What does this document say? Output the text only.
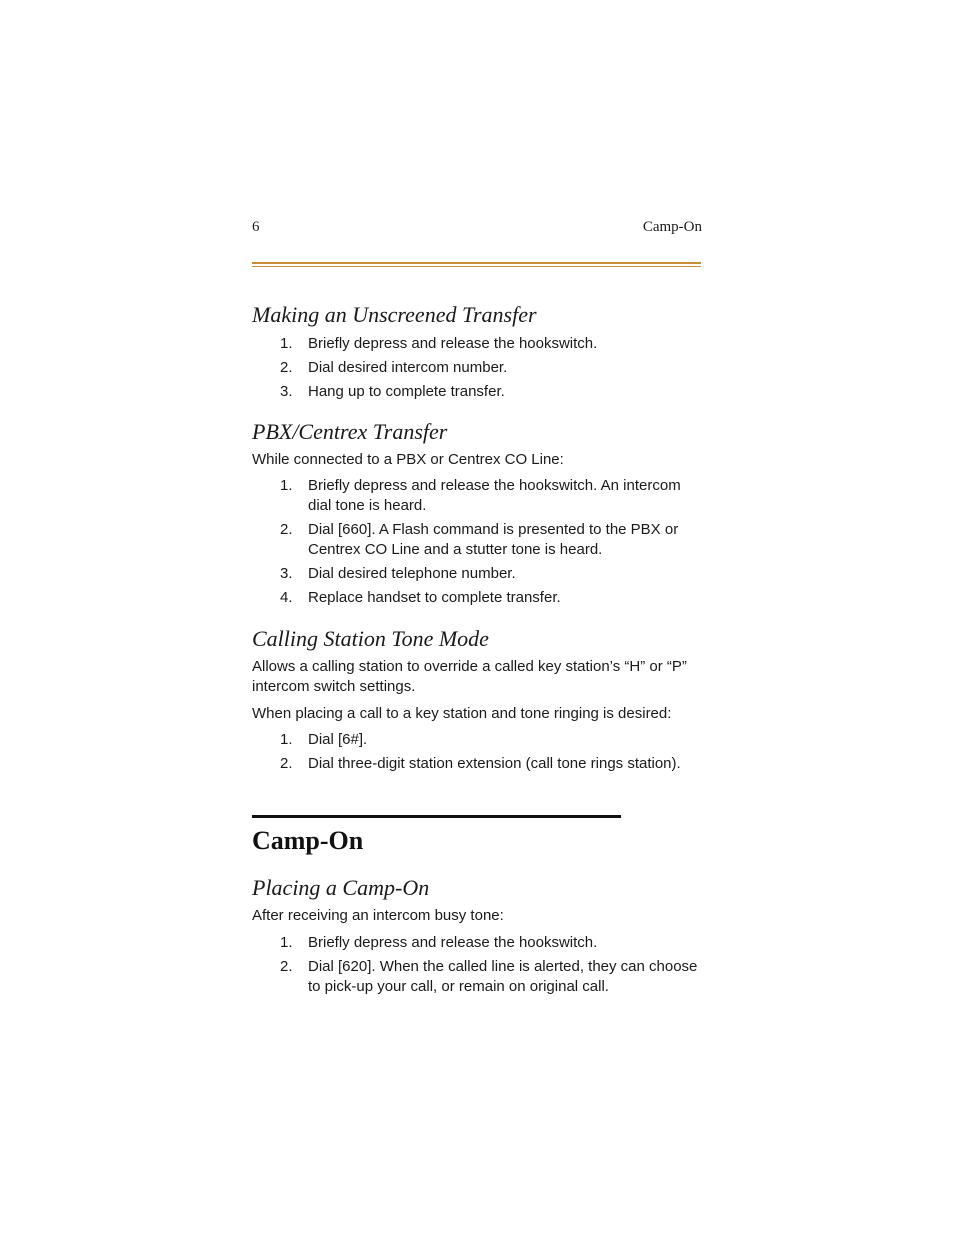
6	Camp-On
Making an Unscreened Transfer
1. Briefly depress and release the hookswitch.
2. Dial desired intercom number.
3. Hang up to complete transfer.
PBX/Centrex Transfer

While connected to a PBX or Centrex CO Line:

1. Briefly depress and release the hookswitch. An intercom dial tone is heard.
2. Dial [660]. A Flash command is presented to the PBX or Centrex CO Line and a stutter tone is heard.
3. Dial desired telephone number.
4. Replace handset to complete transfer.
Calling Station Tone Mode

Allows a calling station to override a called key station’s “H” or “P” intercom switch settings.

When placing a call to a key station and tone ringing is desired:

1. Dial [6#].
2. Dial three-digit station extension (call tone rings station).
Camp-On
Placing a Camp-On

After receiving an intercom busy tone:

1. Briefly depress and release the hookswitch.
2. Dial [620]. When the called line is alerted, they can choose to pick-up your call, or remain on original call.
